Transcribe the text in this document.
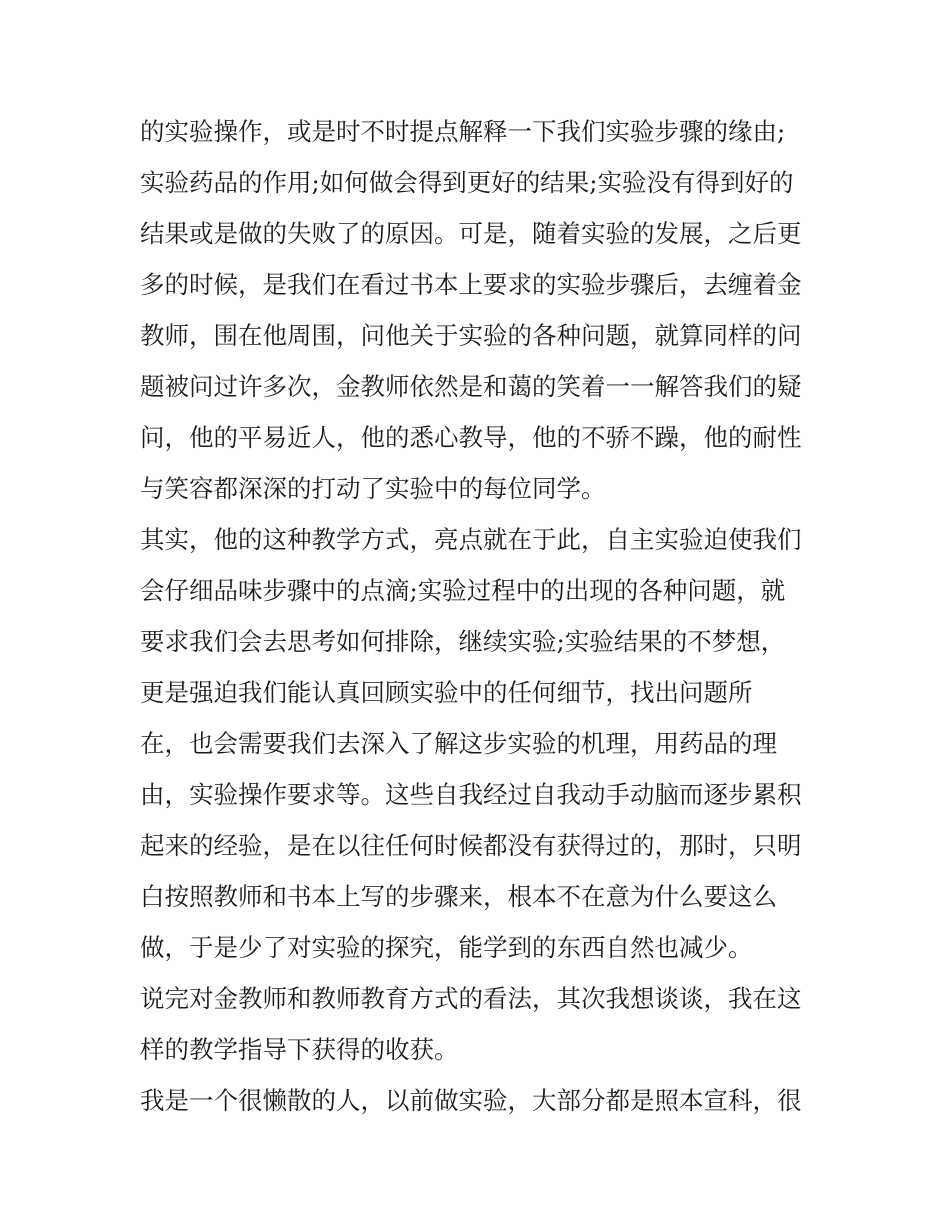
的实验操作，或是时不时提点解释一下我们实验步骤的缘由;
实验药品的作用;如何做会得到更好的结果;实验没有得到好的
结果或是做的失败了的原因。可是，随着实验的发展，之后更
多的时候，是我们在看过书本上要求的实验步骤后，去缠着金
教师，围在他周围，问他关于实验的各种问题，就算同样的问
题被问过许多次，金教师依然是和蔼的笑着一一解答我们的疑
问，他的平易近人，他的悉心教导，他的不骄不躁，他的耐性
与笑容都深深的打动了实验中的每位同学。
其实，他的这种教学方式，亮点就在于此，自主实验迫使我们
会仔细品味步骤中的点滴;实验过程中的出现的各种问题，就
要求我们会去思考如何排除，继续实验;实验结果的不梦想，
更是强迫我们能认真回顾实验中的任何细节，找出问题所
在，也会需要我们去深入了解这步实验的机理，用药品的理
由，实验操作要求等。这些自我经过自我动手动脑而逐步累积
起来的经验，是在以往任何时候都没有获得过的，那时，只明
白按照教师和书本上写的步骤来，根本不在意为什么要这么
做，于是少了对实验的探究，能学到的东西自然也减少。
说完对金教师和教师教育方式的看法，其次我想谈谈，我在这
样的教学指导下获得的收获。
我是一个很懒散的人，以前做实验，大部分都是照本宣科，很
